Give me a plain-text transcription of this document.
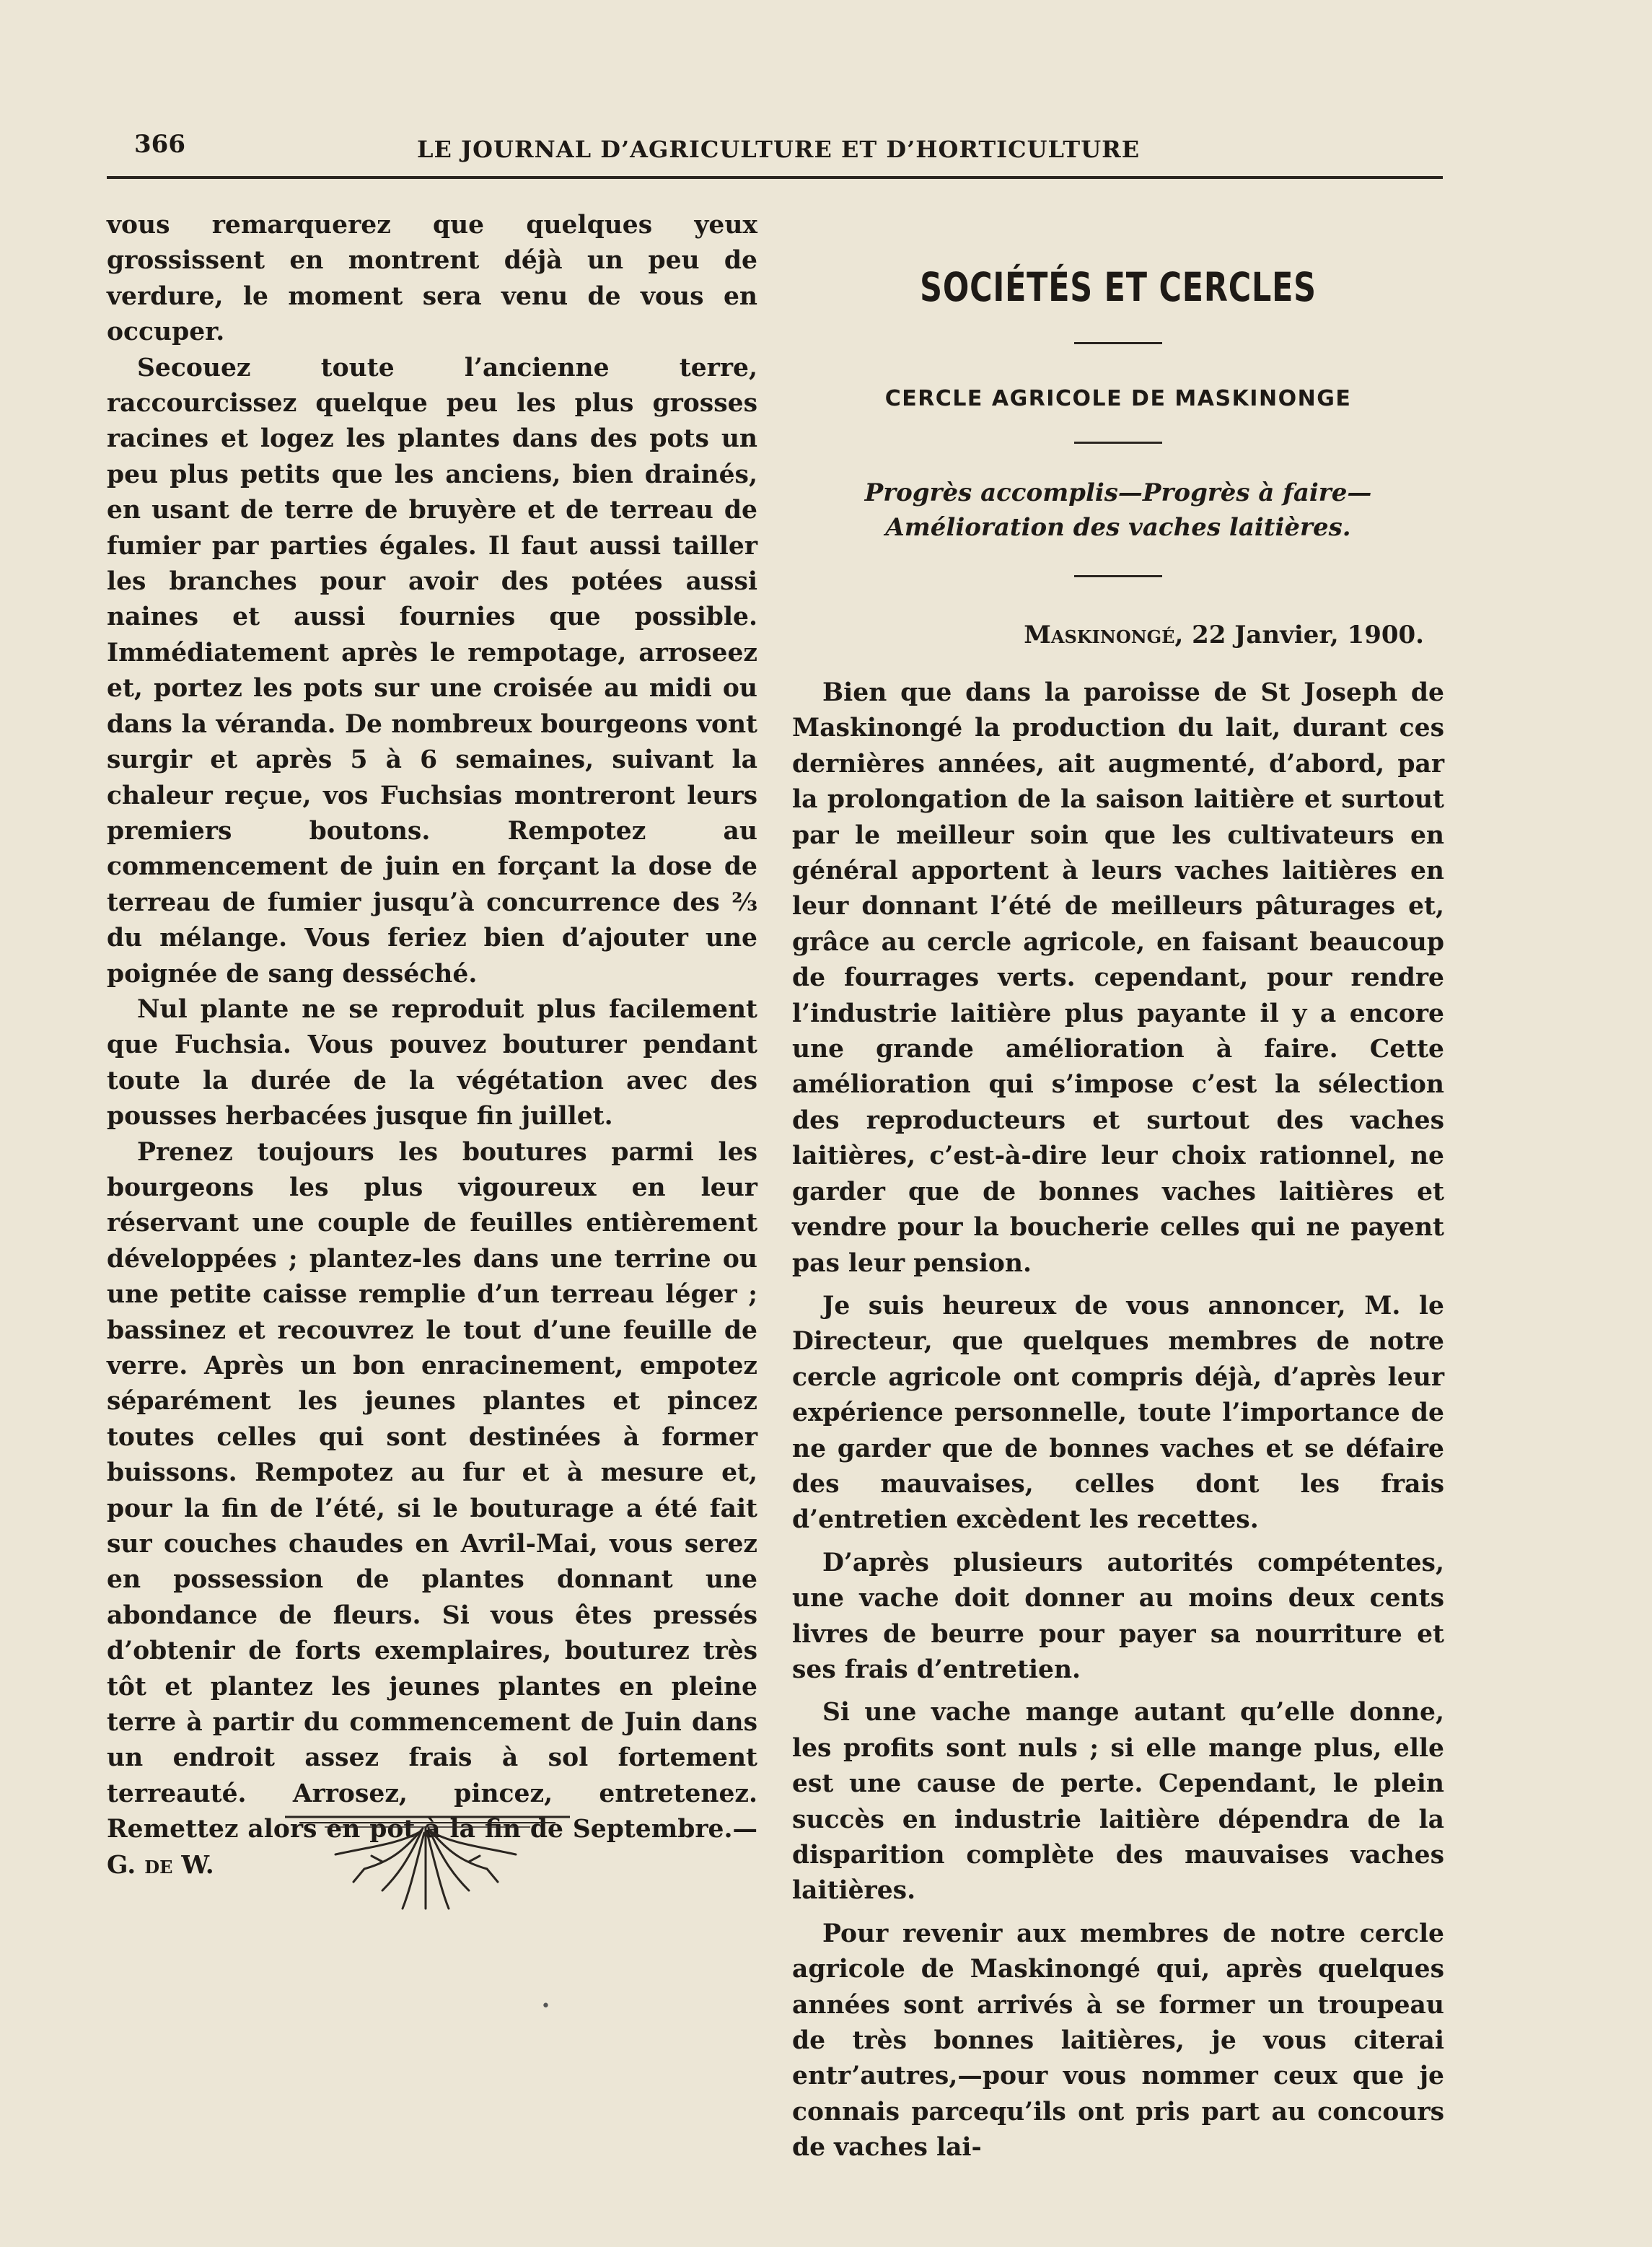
366	LE JOURNAL D’AGRICULTURE ET D’HORTICULTURE

vous remarquerez que quelques yeux grossissent en montrent déjà un peu de verdure, le moment sera venu de vous en occuper.

Secouez toute l’ancienne terre, raccourcissez quelque peu les plus grosses racines et logez les plantes dans des pots un peu plus petits que les anciens, bien drainés, en usant de terre de bruyère et de terreau de fumier par parties égales. Il faut aussi tailler les branches pour avoir des potées aussi naines et aussi fournies que possible. Immédiatement après le rempotage, arroseez et, portez les pots sur une croisée au midi ou dans la véranda. De nombreux bourgeons vont surgir et après 5 à 6 semaines, suivant la chaleur reçue, vos Fuchsias montreront leurs premiers boutons. Rempotez au commencement de juin en forçant la dose de terreau de fumier jusqu’à concurrence des ⅔ du mélange. Vous feriez bien d’ajouter une poignée de sang desséché.

Nul plante ne se reproduit plus facilement que Fuchsia. Vous pouvez bouturer pendant toute la durée de la végétation avec des pousses herbacées jusque fin juillet.

Prenez toujours les boutures parmi les bourgeons les plus vigoureux en leur réservant une couple de feuilles entièrement développées ; plantez-les dans une terrine ou une petite caisse remplie d’un terreau léger ; bassinez et recouvrez le tout d’une feuille de verre. Après un bon enracinement, empotez séparément les jeunes plantes et pincez toutes celles qui sont destinées à former buissons. Rempotez au fur et à mesure et, pour la fin de l’été, si le bouturage a été fait sur couches chaudes en Avril-Mai, vous serez en possession de plantes donnant une abondance de fleurs. Si vous êtes pressés d’obtenir de forts exemplaires, bouturez très tôt et plantez les jeunes plantes en pleine terre à partir du commencement de Juin dans un endroit assez frais à sol fortement terreauté. Arrosez, pincez, entretenez. Remettez alors en pot à la fin de Septembre.—G. de W.

•
SOCIÉTÉS ET CERCLES
CERCLE AGRICOLE DE MASKINONGE
Progrès accomplis—Progrès à faire—Amélioration des vaches laitières.
Maskinongé, 22 Janvier, 1900.

Bien que dans la paroisse de St Joseph de Maskinongé la production du lait, durant ces dernières années, ait augmenté, d’abord, par la prolongation de la saison laitière et surtout par le meilleur soin que les cultivateurs en général apportent à leurs vaches laitières en leur donnant l’été de meilleurs pâturages et, grâce au cercle agricole, en faisant beaucoup de fourrages verts. cependant, pour rendre l’industrie laitière plus payante il y a encore une grande amélioration à faire. Cette amélioration qui s’impose c’est la sélection des reproducteurs et surtout des vaches laitières, c’est-à-dire leur choix rationnel, ne garder que de bonnes vaches laitières et vendre pour la boucherie celles qui ne payent pas leur pension.

Je suis heureux de vous annoncer, M. le Directeur, que quelques membres de notre cercle agricole ont compris déjà, d’après leur expérience personnelle, toute l’importance de ne garder que de bonnes vaches et se défaire des mauvaises, celles dont les frais d’entretien excèdent les recettes.

D’après plusieurs autorités compétentes, une vache doit donner au moins deux cents livres de beurre pour payer sa nourriture et ses frais d’entretien.

Si une vache mange autant qu’elle donne, les profits sont nuls ; si elle mange plus, elle est une cause de perte. Cependant, le plein succès en industrie laitière dépendra de la disparition complète des mauvaises vaches laitières.

Pour revenir aux membres de notre cercle agricole de Maskinongé qui, après quelques années sont arrivés à se former un troupeau de très bonnes laitières, je vous citerai entr’autres,—pour vous nommer ceux que je connais parcequ’ils ont pris part au concours de vaches lai-
